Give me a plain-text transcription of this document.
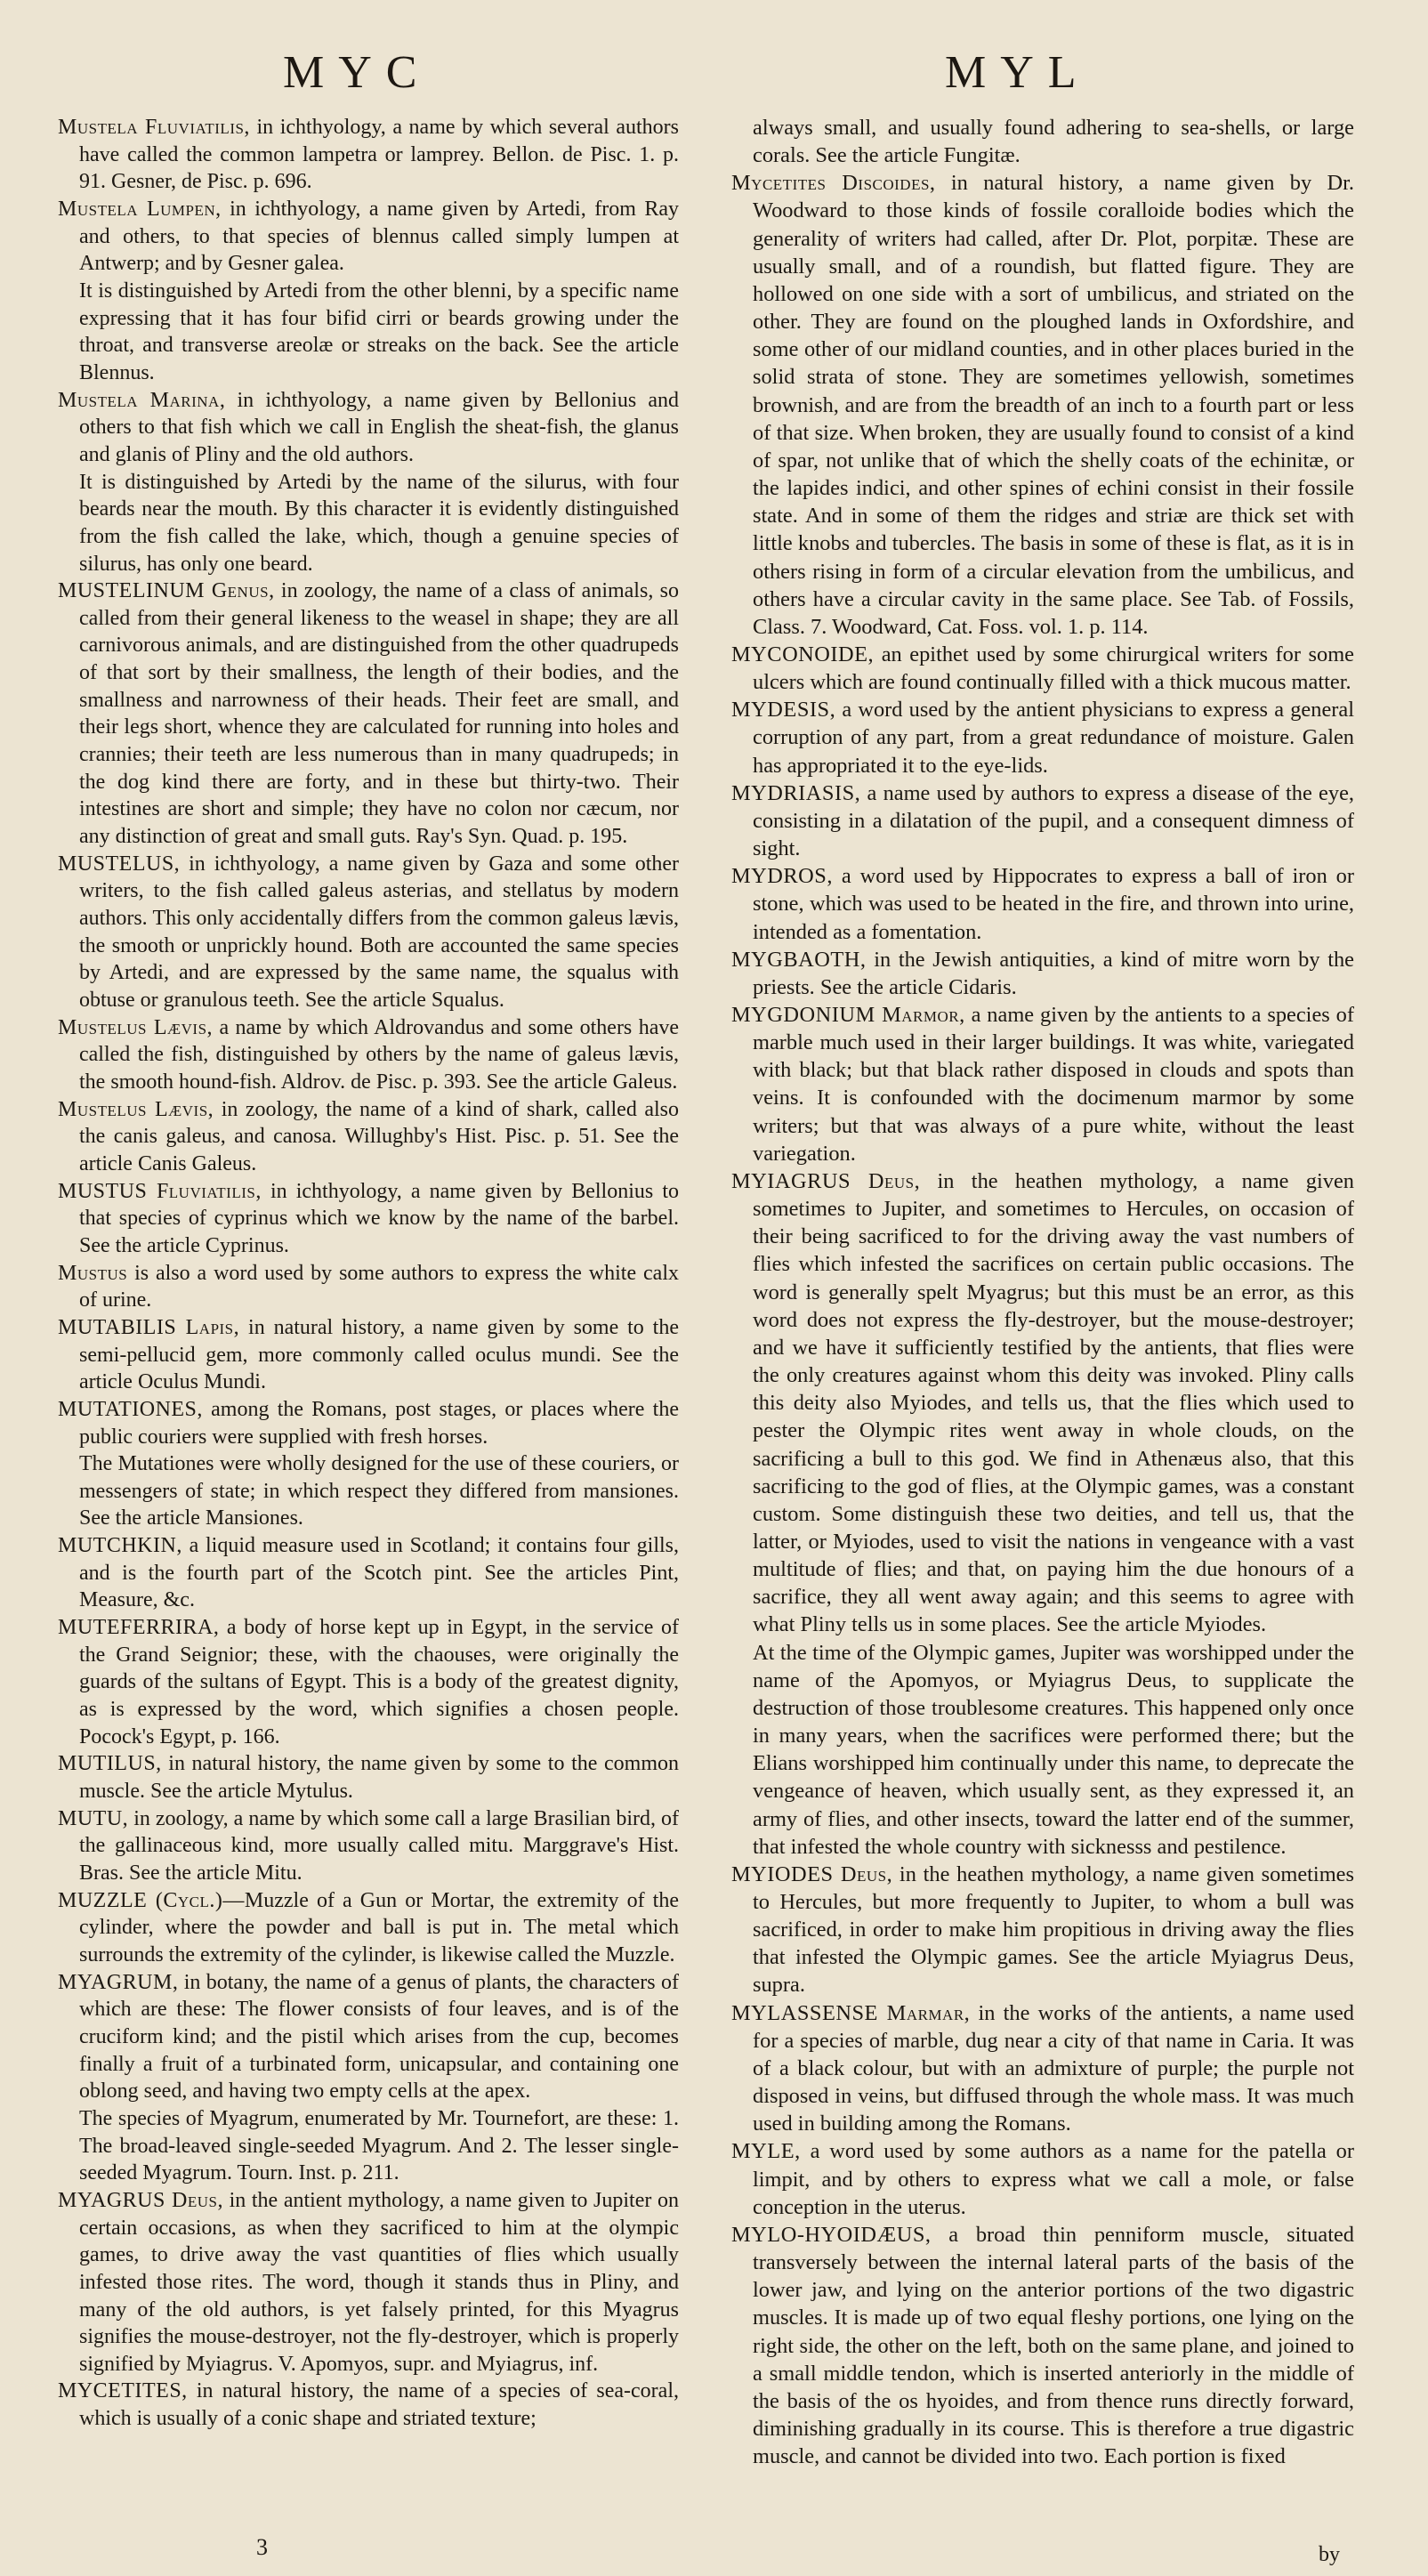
MYC	MYL

Mustela Fluviatilis, in ichthyology, a name by which several authors have called the common lampetra or lamprey. Bellon. de Pisc. 1. p. 91. Gesner, de Pisc. p. 696.

Mustela Lumpen, in ichthyology, a name given by Artedi, from Ray and others, to that species of blennus called simply lumpen at Antwerp; and by Gesner galea.

It is distinguished by Artedi from the other blenni, by a specific name expressing that it has four bifid cirri or beards growing under the throat, and transverse areolæ or streaks on the back. See the article Blennus.

Mustela Marina, in ichthyology, a name given by Bellonius and others to that fish which we call in English the sheat-fish, the glanus and glanis of Pliny and the old authors.

It is distinguished by Artedi by the name of the silurus, with four beards near the mouth. By this character it is evidently distinguished from the fish called the lake, which, though a genuine species of silurus, has only one beard.

MUSTELINUM Genus, in zoology, the name of a class of animals, so called from their general likeness to the weasel in shape; they are all carnivorous animals, and are distinguished from the other quadrupeds of that sort by their smallness, the length of their bodies, and the smallness and narrowness of their heads. Their feet are small, and their legs short, whence they are calculated for running into holes and crannies; their teeth are less numerous than in many quadrupeds; in the dog kind there are forty, and in these but thirty-two. Their intestines are short and simple; they have no colon nor cæcum, nor any distinction of great and small guts. Ray's Syn. Quad. p. 195.

MUSTELUS, in ichthyology, a name given by Gaza and some other writers, to the fish called galeus asterias, and stellatus by modern authors. This only accidentally differs from the common galeus lævis, the smooth or unprickly hound. Both are accounted the same species by Artedi, and are expressed by the same name, the squalus with obtuse or granulous teeth. See the article Squalus.

Mustelus Lævis, a name by which Aldrovandus and some others have called the fish, distinguished by others by the name of galeus lævis, the smooth hound-fish. Aldrov. de Pisc. p. 393. See the article Galeus.

Mustelus Lævis, in zoology, the name of a kind of shark, called also the canis galeus, and canosa. Willughby's Hist. Pisc. p. 51. See the article Canis Galeus.

MUSTUS Fluviatilis, in ichthyology, a name given by Bellonius to that species of cyprinus which we know by the name of the barbel. See the article Cyprinus.

Mustus is also a word used by some authors to express the white calx of urine.

MUTABILIS Lapis, in natural history, a name given by some to the semi-pellucid gem, more commonly called oculus mundi. See the article Oculus Mundi.

MUTATIONES, among the Romans, post stages, or places where the public couriers were supplied with fresh horses.

The Mutationes were wholly designed for the use of these couriers, or messengers of state; in which respect they differed from mansiones. See the article Mansiones.

MUTCHKIN, a liquid measure used in Scotland; it contains four gills, and is the fourth part of the Scotch pint. See the articles Pint, Measure, &c.

MUTEFERRIRA, a body of horse kept up in Egypt, in the service of the Grand Seignior; these, with the chaouses, were originally the guards of the sultans of Egypt. This is a body of the greatest dignity, as is expressed by the word, which signifies a chosen people. Pocock's Egypt, p. 166.

MUTILUS, in natural history, the name given by some to the common muscle. See the article Mytulus.

MUTU, in zoology, a name by which some call a large Brasilian bird, of the gallinaceous kind, more usually called mitu. Marggrave's Hist. Bras. See the article Mitu.

MUZZLE (Cycl.)—Muzzle of a Gun or Mortar, the extremity of the cylinder, where the powder and ball is put in. The metal which surrounds the extremity of the cylinder, is likewise called the Muzzle.

MYAGRUM, in botany, the name of a genus of plants, the characters of which are these: The flower consists of four leaves, and is of the cruciform kind; and the pistil which arises from the cup, becomes finally a fruit of a turbinated form, unicapsular, and containing one oblong seed, and having two empty cells at the apex.

The species of Myagrum, enumerated by Mr. Tournefort, are these: 1. The broad-leaved single-seeded Myagrum. And 2. The lesser single-seeded Myagrum. Tourn. Inst. p. 211.

MYAGRUS Deus, in the antient mythology, a name given to Jupiter on certain occasions, as when they sacrificed to him at the olympic games, to drive away the vast quantities of flies which usually infested those rites. The word, though it stands thus in Pliny, and many of the old authors, is yet falsely printed, for this Myagrus signifies the mouse-destroyer, not the fly-destroyer, which is properly signified by Myiagrus. V. Apomyos, supr. and Myiagrus, inf.

MYCETITES, in natural history, the name of a species of sea-coral, which is usually of a conic shape and striated texture;

always small, and usually found adhering to sea-shells, or large corals. See the article Fungitæ.

Mycetites Discoides, in natural history, a name given by Dr. Woodward to those kinds of fossile coralloide bodies which the generality of writers had called, after Dr. Plot, porpitæ. These are usually small, and of a roundish, but flatted figure. They are hollowed on one side with a sort of umbilicus, and striated on the other. They are found on the ploughed lands in Oxfordshire, and some other of our midland counties, and in other places buried in the solid strata of stone. They are sometimes yellowish, sometimes brownish, and are from the breadth of an inch to a fourth part or less of that size. When broken, they are usually found to consist of a kind of spar, not unlike that of which the shelly coats of the echinitæ, or the lapides indici, and other spines of echini consist in their fossile state. And in some of them the ridges and striæ are thick set with little knobs and tubercles. The basis in some of these is flat, as it is in others rising in form of a circular elevation from the umbilicus, and others have a circular cavity in the same place. See Tab. of Fossils, Class. 7. Woodward, Cat. Foss. vol. 1. p. 114.

MYCONOIDE, an epithet used by some chirurgical writers for some ulcers which are found continually filled with a thick mucous matter.

MYDESIS, a word used by the antient physicians to express a general corruption of any part, from a great redundance of moisture. Galen has appropriated it to the eye-lids.

MYDRIASIS, a name used by authors to express a disease of the eye, consisting in a dilatation of the pupil, and a consequent dimness of sight.

MYDROS, a word used by Hippocrates to express a ball of iron or stone, which was used to be heated in the fire, and thrown into urine, intended as a fomentation.

MYGBAOTH, in the Jewish antiquities, a kind of mitre worn by the priests. See the article Cidaris.

MYGDONIUM Marmor, a name given by the antients to a species of marble much used in their larger buildings. It was white, variegated with black; but that black rather disposed in clouds and spots than veins. It is confounded with the docimenum marmor by some writers; but that was always of a pure white, without the least variegation.

MYIAGRUS Deus, in the heathen mythology, a name given sometimes to Jupiter, and sometimes to Hercules, on occasion of their being sacrificed to for the driving away the vast numbers of flies which infested the sacrifices on certain public occasions. The word is generally spelt Myagrus; but this must be an error, as this word does not express the fly-destroyer, but the mouse-destroyer; and we have it sufficiently testified by the antients, that flies were the only creatures against whom this deity was invoked. Pliny calls this deity also Myiodes, and tells us, that the flies which used to pester the Olympic rites went away in whole clouds, on the sacrificing a bull to this god. We find in Athenæus also, that this sacrificing to the god of flies, at the Olympic games, was a constant custom. Some distinguish these two deities, and tell us, that the latter, or Myiodes, used to visit the nations in vengeance with a vast multitude of flies; and that, on paying him the due honours of a sacrifice, they all went away again; and this seems to agree with what Pliny tells us in some places. See the article Myiodes.

At the time of the Olympic games, Jupiter was worshipped under the name of the Apomyos, or Myiagrus Deus, to supplicate the destruction of those troublesome creatures. This happened only once in many years, when the sacrifices were performed there; but the Elians worshipped him continually under this name, to deprecate the vengeance of heaven, which usually sent, as they expressed it, an army of flies, and other insects, toward the latter end of the summer, that infested the whole country with sicknesss and pestilence.

MYIODES Deus, in the heathen mythology, a name given sometimes to Hercules, but more frequently to Jupiter, to whom a bull was sacrificed, in order to make him propitious in driving away the flies that infested the Olympic games. See the article Myiagrus Deus, supra.

MYLASSENSE Marmar, in the works of the antients, a name used for a species of marble, dug near a city of that name in Caria. It was of a black colour, but with an admixture of purple; the purple not disposed in veins, but diffused through the whole mass. It was much used in building among the Romans.

MYLE, a word used by some authors as a name for the patella or limpit, and by others to express what we call a mole, or false conception in the uterus.

MYLO-HYOIDÆUS, a broad thin penniform muscle, situated transversely between the internal lateral parts of the basis of the lower jaw, and lying on the anterior portions of the two digastric muscles. It is made up of two equal fleshy portions, one lying on the right side, the other on the left, both on the same plane, and joined to a small middle tendon, which is inserted anteriorly in the middle of the basis of the os hyoides, and from thence runs directly forward, diminishing gradually in its course. This is therefore a true digastric muscle, and cannot be divided into two. Each portion is fixed

3	by
